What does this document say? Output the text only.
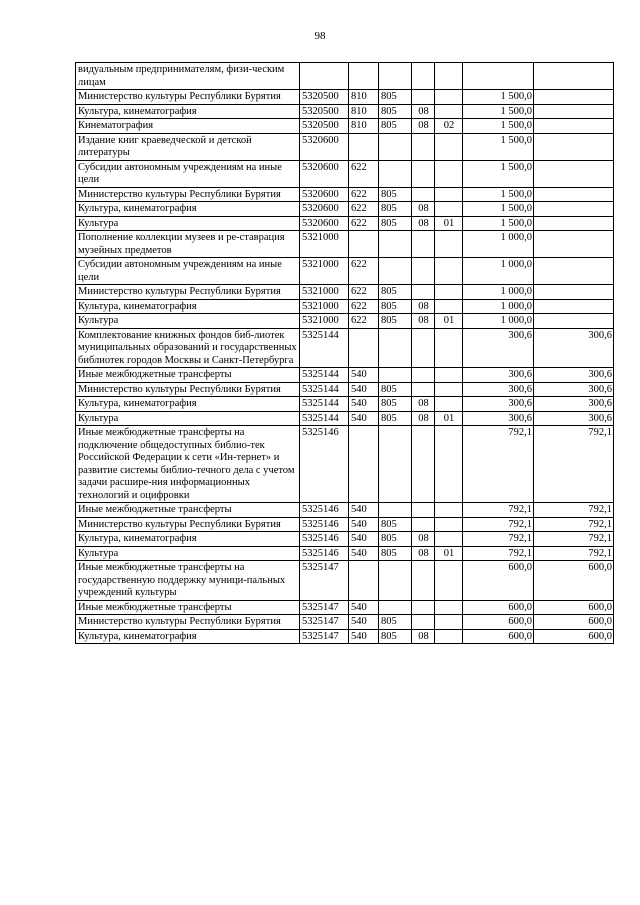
98
видуальным предпринимателям, физи-ческим лицам							
Министерство культуры Республики Бурятия	5320500	810	805			1 500,0	
Культура, кинематография	5320500	810	805	08		1 500,0	
Кинематография	5320500	810	805	08	02	1 500,0	
Издание книг краеведческой и детской литературы	5320600					1 500,0	
Субсидии автономным учреждениям на иные цели	5320600	622				1 500,0	
Министерство культуры Республики Бурятия	5320600	622	805			1 500,0	
Культура, кинематография	5320600	622	805	08		1 500,0	
Культура	5320600	622	805	08	01	1 500,0	
Пополнение коллекции музеев и ре-ставрация музейных предметов	5321000					1 000,0	
Субсидии автономным учреждениям на иные цели	5321000	622				1 000,0	
Министерство культуры Республики Бурятия	5321000	622	805			1 000,0	
Культура, кинематография	5321000	622	805	08		1 000,0	
Культура	5321000	622	805	08	01	1 000,0	
Комплектование книжных фондов биб-лиотек муниципальных образований и государственных библиотек городов Москвы и Санкт-Петербурга	5325144					300,6	300,6
Иные межбюджетные трансферты	5325144	540				300,6	300,6
Министерство культуры Республики Бурятия	5325144	540	805			300,6	300,6
Культура, кинематография	5325144	540	805	08		300,6	300,6
Культура	5325144	540	805	08	01	300,6	300,6
Иные межбюджетные трансферты на подключение общедоступных библио-тек Российской Федерации к сети «Ин-тернет» и развитие системы библио-течного дела с учетом задачи расшире-ния информационных технологий и оцифровки	5325146					792,1	792,1
Иные межбюджетные трансферты	5325146	540				792,1	792,1
Министерство культуры Республики Бурятия	5325146	540	805			792,1	792,1
Культура, кинематография	5325146	540	805	08		792,1	792,1
Культура	5325146	540	805	08	01	792,1	792,1
Иные межбюджетные трансферты на государственную поддержку муници-пальных учреждений культуры	5325147					600,0	600,0
Иные межбюджетные трансферты	5325147	540				600,0	600,0
Министерство культуры Республики Бурятия	5325147	540	805			600,0	600,0
Культура, кинематография	5325147	540	805	08		600,0	600,0
